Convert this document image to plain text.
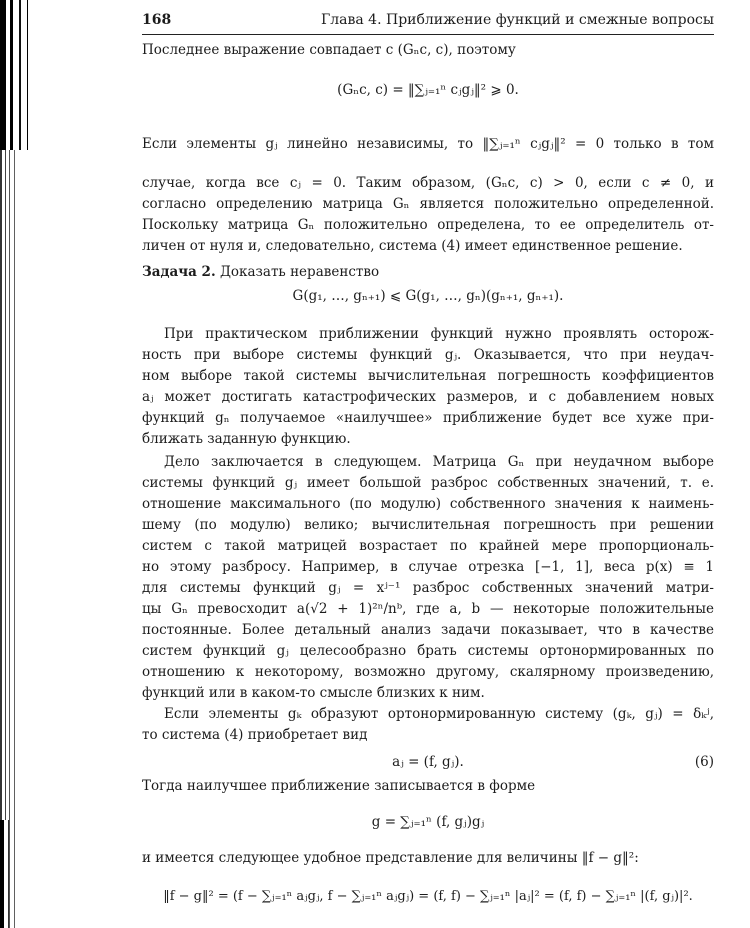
168	Глава 4. Приближение функций и смежные вопросы
Последнее выражение совпадает c (Gₙc, c), поэтому
(Gₙc, c) = ‖∑ⱼ₌₁ⁿ cⱼgⱼ‖² ⩾ 0.
Если элементы gⱼ линейно независимы, то ‖∑ⱼ₌₁ⁿ cⱼgⱼ‖² = 0 только в том
случае, когда все cⱼ = 0. Таким образом, (Gₙc, c) > 0, если c ≠ 0, и
согласно определению матрица Gₙ является положительно определенной.
Поскольку матрица Gₙ положительно определена, то ее определитель от-
личен от нуля и, следовательно, система (4) имеет единственное решение.
Задача 2. Доказать неравенство
G(g₁, …, gₙ₊₁) ⩽ G(g₁, …, gₙ)(gₙ₊₁, gₙ₊₁).
При практическом приближении функций нужно проявлять осторож-
ность при выборе системы функций gⱼ. Оказывается, что при неудач-
ном выборе такой системы вычислительная погрешность коэффициентов
aⱼ может достигать катастрофических размеров, и с добавлением новых
функций gₙ получаемое «наилучшее» приближение будет все хуже при-
ближать заданную функцию.
Дело заключается в следующем. Матрица Gₙ при неудачном выборе
системы функций gⱼ имеет большой разброс собственных значений, т. е.
отношение максимального (по модулю) собственного значения к наимень-
шему (по модулю) велико; вычислительная погрешность при решении
систем с такой матрицей возрастает по крайней мере пропорциональ-
но этому разбросу. Например, в случае отрезка [−1, 1], веса p(x) ≡ 1
для системы функций gⱼ = xʲ⁻¹ разброс собственных значений матри-
цы Gₙ превосходит a(√2 + 1)²ⁿ/nᵇ, где a, b — некоторые положительные
постоянные. Более детальный анализ задачи показывает, что в качестве
систем функций gⱼ целесообразно брать системы ортонормированных по
отношению к некоторому, возможно другому, скалярному произведению,
функций или в каком-то смысле близких к ним.
Если элементы gₖ образуют ортонормированную систему (gₖ, gⱼ) = δₖʲ,
то система (4) приобретает вид
aⱼ = (f, gⱼ).	(6)
Тогда наилучшее приближение записывается в форме
g = ∑ⱼ₌₁ⁿ (f, gⱼ)gⱼ
и имеется следующее удобное представление для величины ‖f − g‖²:
‖f − g‖² = (f − ∑ⱼ₌₁ⁿ aⱼgⱼ, f − ∑ⱼ₌₁ⁿ aⱼgⱼ) = (f, f) − ∑ⱼ₌₁ⁿ |aⱼ|² = (f, f) − ∑ⱼ₌₁ⁿ |(f, gⱼ)|².
